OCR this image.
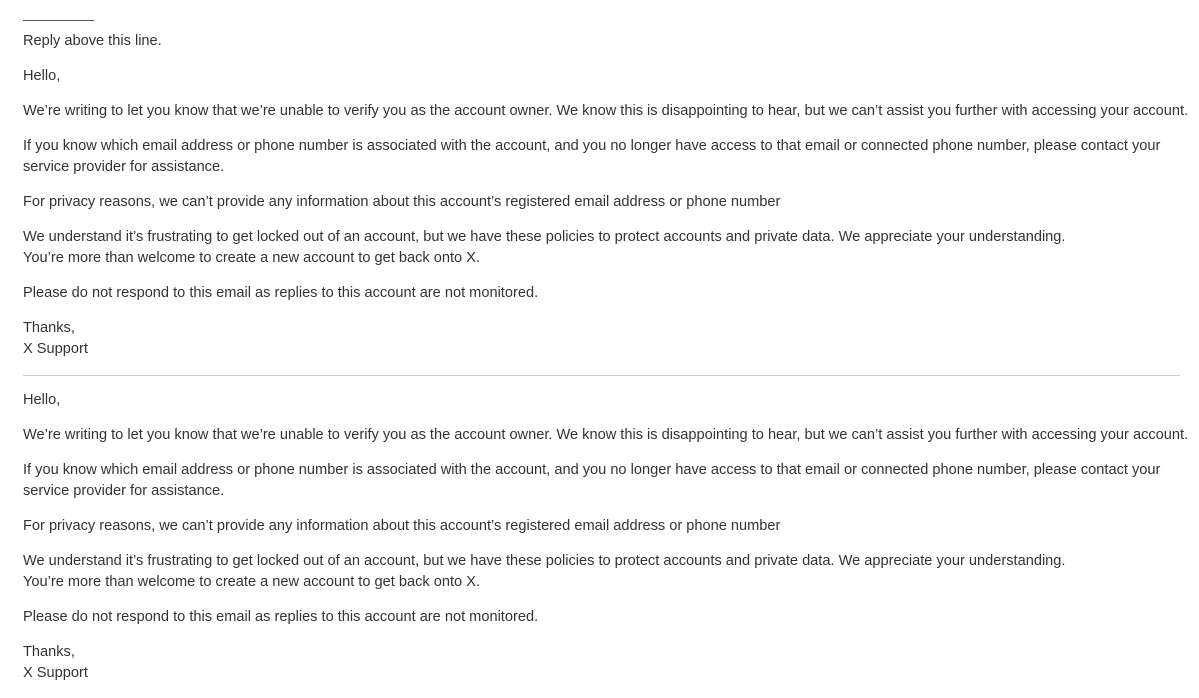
Reply above this line.
Hello,
We’re writing to let you know that we’re unable to verify you as the account owner. We know this is disappointing to hear, but we can’t assist you further with accessing your account.
If you know which email address or phone number is associated with the account, and you no longer have access to that email or connected phone number, please contact your service provider for assistance.
For privacy reasons, we can’t provide any information about this account’s registered email address or phone number
We understand it’s frustrating to get locked out of an account, but we have these policies to protect accounts and private data. We appreciate your understanding.
You’re more than welcome to create a new account to get back onto X.
Please do not respond to this email as replies to this account are not monitored.
Thanks,
X Support
Hello,
We’re writing to let you know that we’re unable to verify you as the account owner. We know this is disappointing to hear, but we can’t assist you further with accessing your account.
If you know which email address or phone number is associated with the account, and you no longer have access to that email or connected phone number, please contact your service provider for assistance.
For privacy reasons, we can’t provide any information about this account’s registered email address or phone number
We understand it’s frustrating to get locked out of an account, but we have these policies to protect accounts and private data. We appreciate your understanding.
You’re more than welcome to create a new account to get back onto X.
Please do not respond to this email as replies to this account are not monitored.
Thanks,
X Support
